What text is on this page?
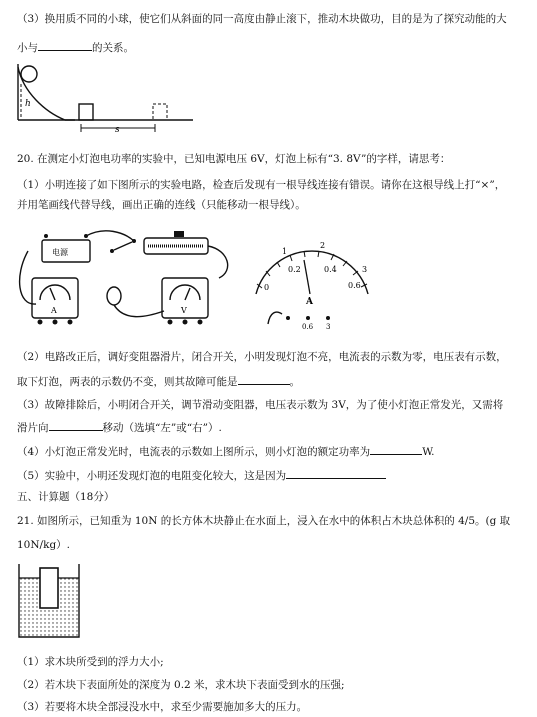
（3）换用质不同的小球，使它们从斜面的同一高度由静止滚下，推动木块做功，目的是为了探究动能的大
小与	的关系。
h
s
20. 在测定小灯泡电功率的实验中，已知电源电压 6V，灯泡上标有“3. 8V”的字样，请思考：
（1）小明连接了如下图所示的实验电路，检查后发现有一根导线连接有错误。请你在这根导线上打“×”，
并用笔画线代替导线，画出正确的连线（只能移动一根导线）。
电源
A	V
1
2
3
0
0.2	0.4
0.6
A
0.6 3
（2）电路改正后，调好变阻器滑片，闭合开关，小明发现灯泡不亮，电流表的示数为零，电压表有示数，
取下灯泡，两表的示数仍不变，则其故障可能是	。
（3）故障排除后，小明闭合开关，调节滑动变阻器，电压表示数为 3V，为了使小灯泡正常发光，又需将
滑片向	移动（选填“左”或“右”）.
（4）小灯泡正常发光时，电流表的示数如上图所示，则小灯泡的额定功率为	W.
（5）实验中，小明还发现灯泡的电阻变化较大，这是因为
五、计算题（18分）
21. 如图所示，已知重为 10N 的长方体木块静止在水面上，浸入在水中的体积占木块总体积的 4/5。(g 取
10N/kg）.
（1）求木块所受到的浮力大小;
（2）若木块下表面所处的深度为 0.2 米，求木块下表面受到水的压强;
（3）若要将木块全部浸没水中，求至少需要施加多大的压力。
